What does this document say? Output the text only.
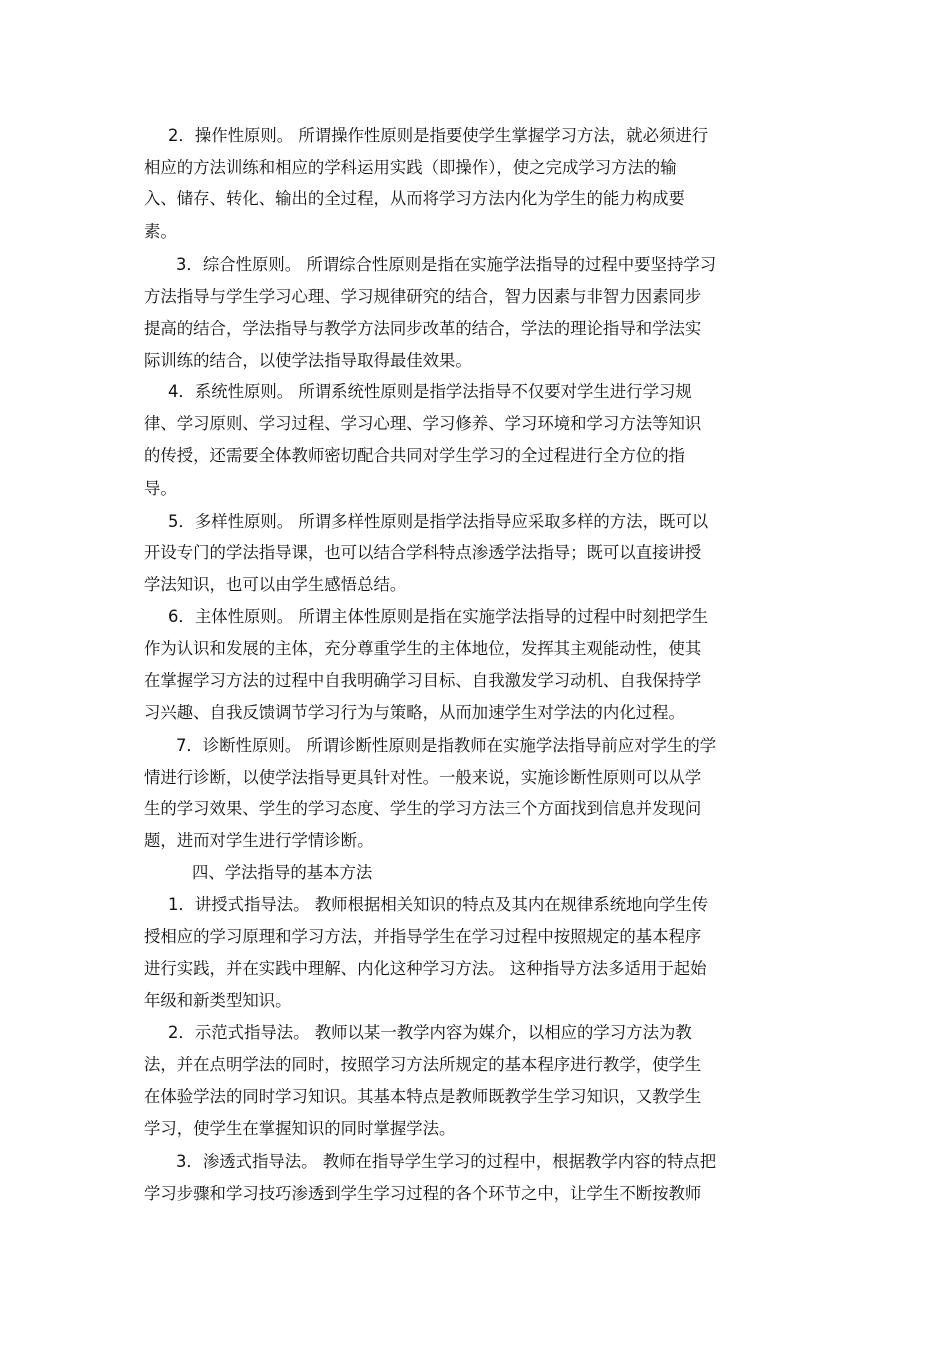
2．操作性原则。 所谓操作性原则是指要使学生掌握学习方法，就必须进行
相应的方法训练和相应的学科运用实践（即操作），使之完成学习方法的输
入、储存、转化、输出的全过程，从而将学习方法内化为学生的能力构成要
素。
3．综合性原则。 所谓综合性原则是指在实施学法指导的过程中要坚持学习
方法指导与学生学习心理、学习规律研究的结合，智力因素与非智力因素同步
提高的结合，学法指导与教学方法同步改革的结合，学法的理论指导和学法实
际训练的结合，以使学法指导取得最佳效果。
4．系统性原则。 所谓系统性原则是指学法指导不仅要对学生进行学习规
律、学习原则、学习过程、学习心理、学习修养、学习环境和学习方法等知识
的传授，还需要全体教师密切配合共同对学生学习的全过程进行全方位的指
导。
5．多样性原则。 所谓多样性原则是指学法指导应采取多样的方法，既可以
开设专门的学法指导课，也可以结合学科特点渗透学法指导；既可以直接讲授
学法知识，也可以由学生感悟总结。
6．主体性原则。 所谓主体性原则是指在实施学法指导的过程中时刻把学生
作为认识和发展的主体，充分尊重学生的主体地位，发挥其主观能动性，使其
在掌握学习方法的过程中自我明确学习目标、自我激发学习动机、自我保持学
习兴趣、自我反馈调节学习行为与策略，从而加速学生对学法的内化过程。
7．诊断性原则。 所谓诊断性原则是指教师在实施学法指导前应对学生的学
情进行诊断，以使学法指导更具针对性。一般来说，实施诊断性原则可以从学
生的学习效果、学生的学习态度、学生的学习方法三个方面找到信息并发现问
题，进而对学生进行学情诊断。
四、学法指导的基本方法
1．讲授式指导法。 教师根据相关知识的特点及其内在规律系统地向学生传
授相应的学习原理和学习方法，并指导学生在学习过程中按照规定的基本程序
进行实践，并在实践中理解、内化这种学习方法。 这种指导方法多适用于起始
年级和新类型知识。
2．示范式指导法。 教师以某一教学内容为媒介，以相应的学习方法为教
法，并在点明学法的同时，按照学习方法所规定的基本程序进行教学，使学生
在体验学法的同时学习知识。其基本特点是教师既教学生学习知识，又教学生
学习，使学生在掌握知识的同时掌握学法。
3．渗透式指导法。 教师在指导学生学习的过程中，根据教学内容的特点把
学习步骤和学习技巧渗透到学生学习过程的各个环节之中，让学生不断按教师
